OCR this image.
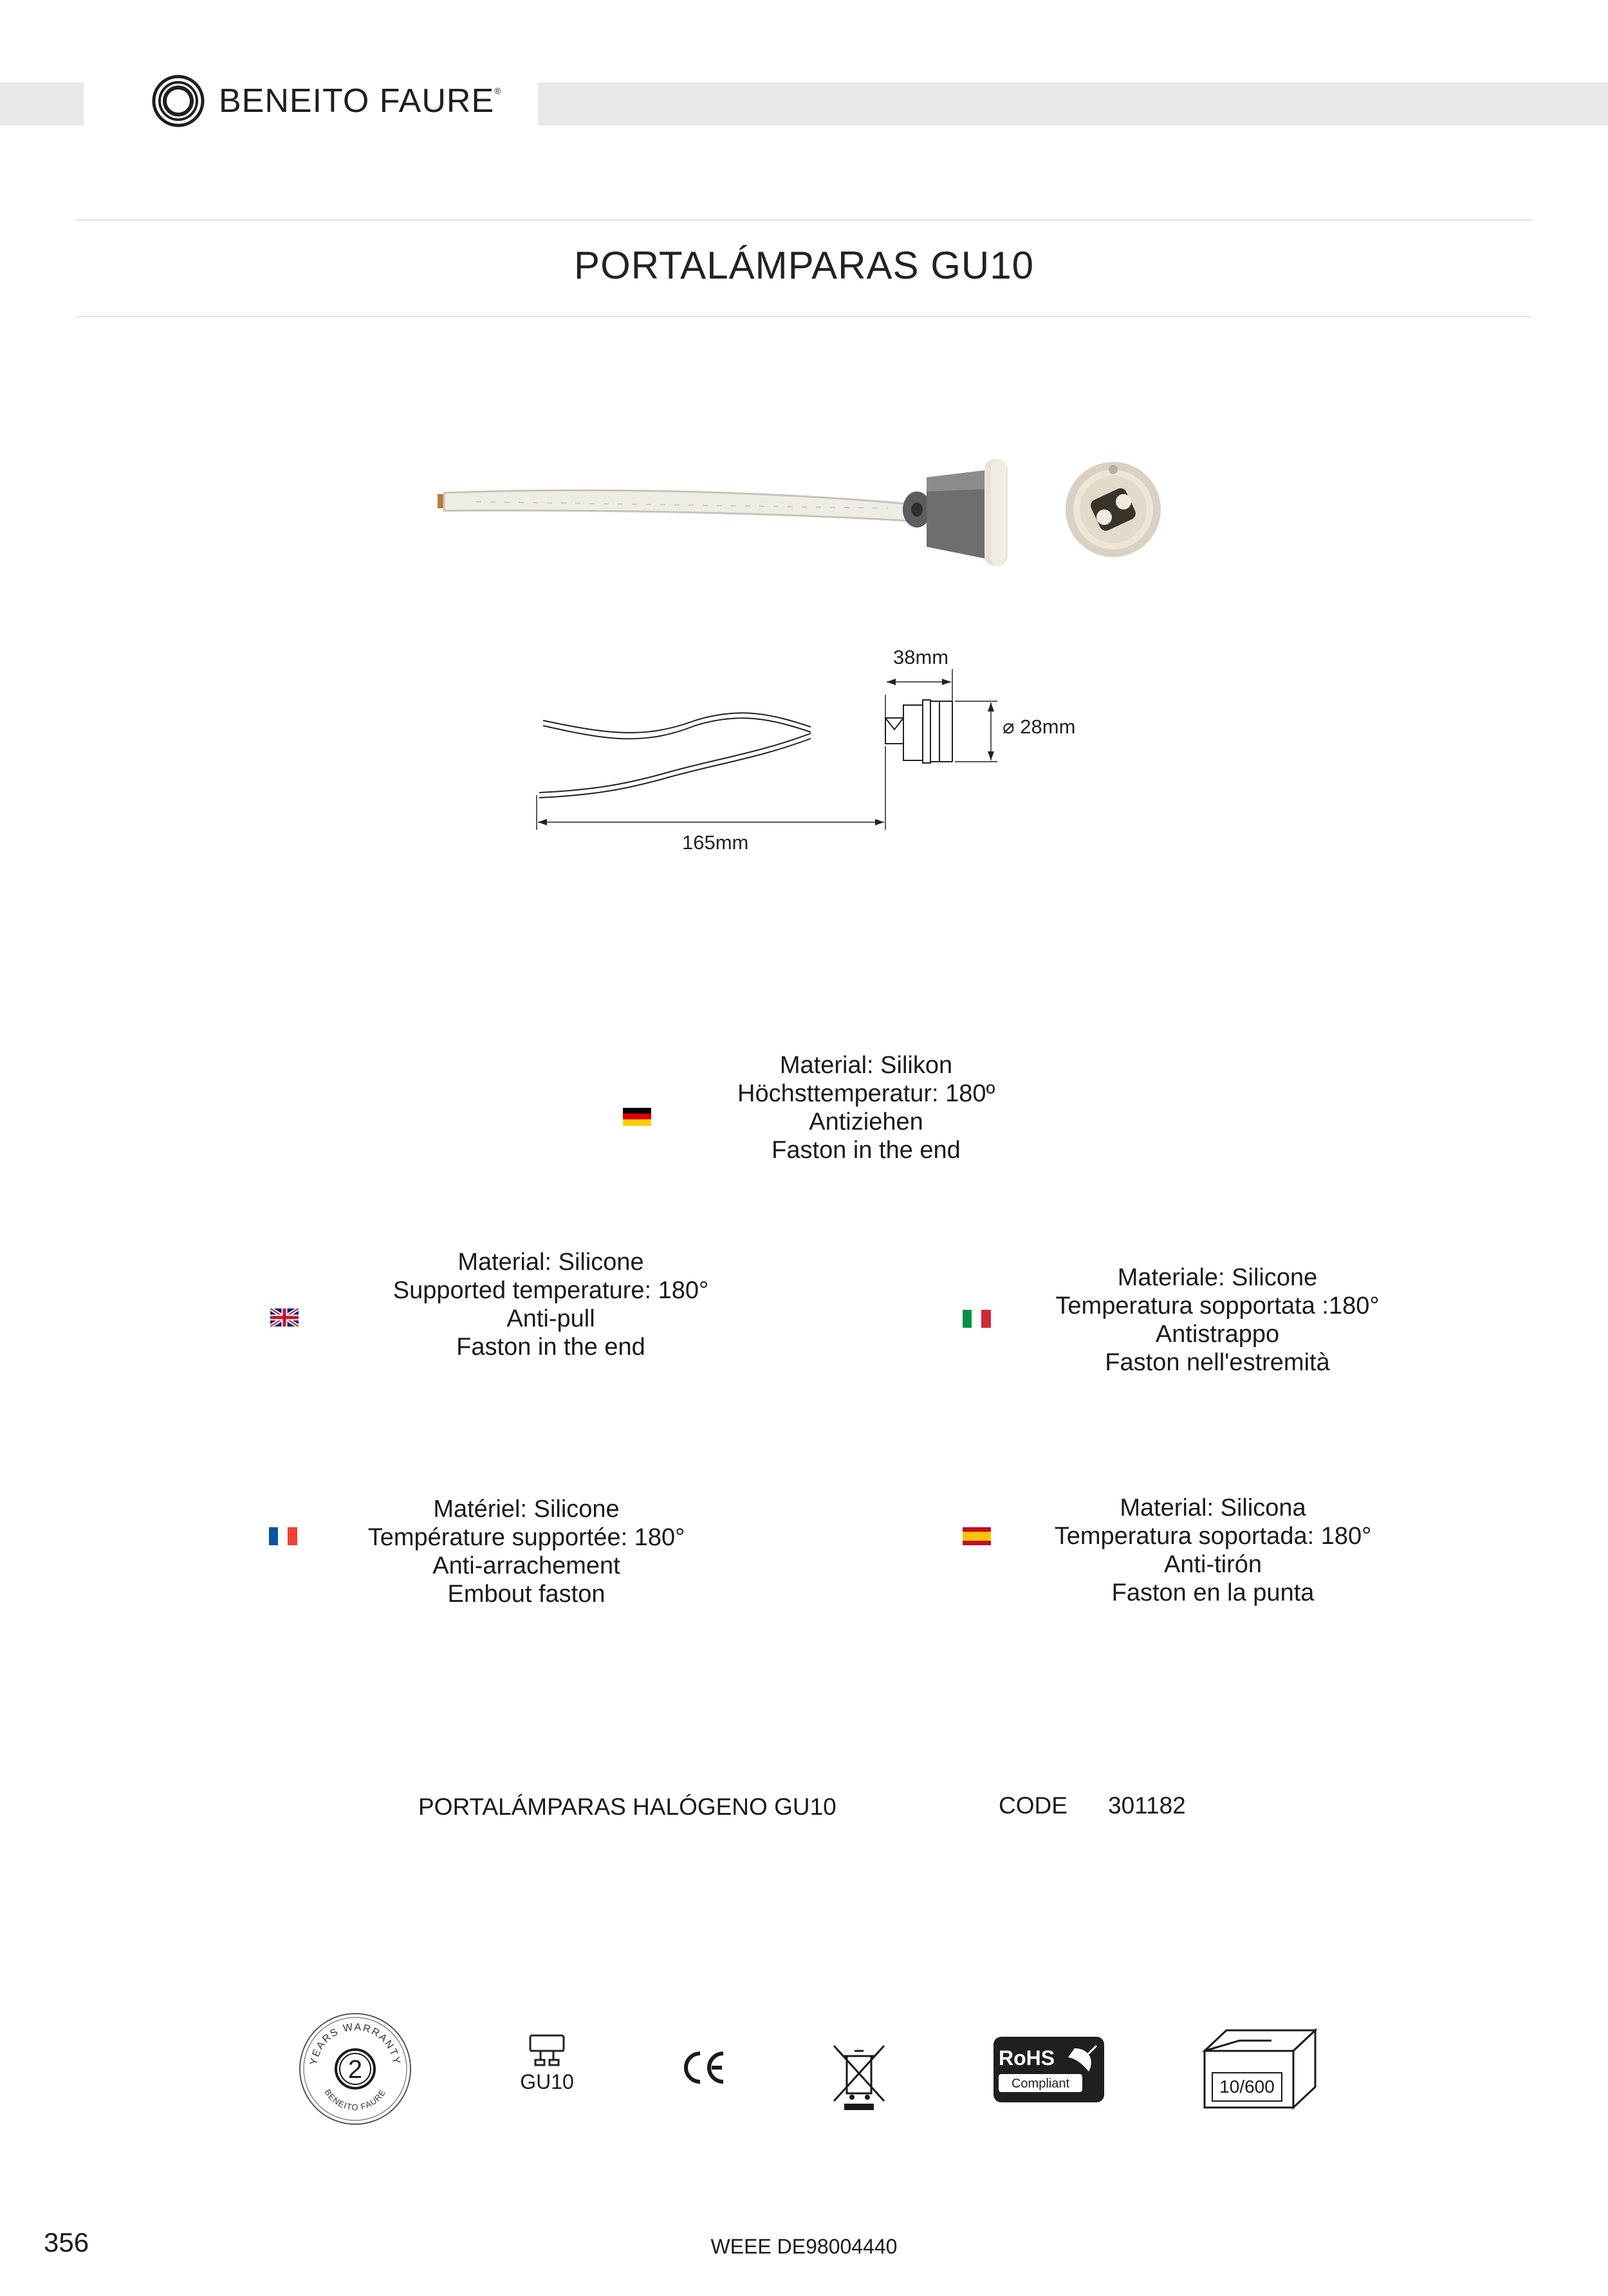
BENEITO FAURE®
PORTALÁMPARAS GU10
38mm
⌀ 28mm
165mm
Material: Silikon
Höchsttemperatur: 180º
Antiziehen
Faston in the end
Material: Silicone
Supported temperature: 180°
Anti-pull
Faston in the end
Materiale: Silicone
Temperatura sopportata :180°
Antistrappo
Faston nell'estremità
Matériel: Silicone
Température supportée: 180°
Anti-arrachement
Embout faston
Material: Silicona
Temperatura soportada: 180°
Anti-tirón
Faston en la punta
PORTALÁMPARAS HALÓGENO GU10	CODE 301182
YEARS WARRANTY
BENEITO FAURE
2	GU10
RoHS
Compliant	10/600
356	WEEE DE98004440
